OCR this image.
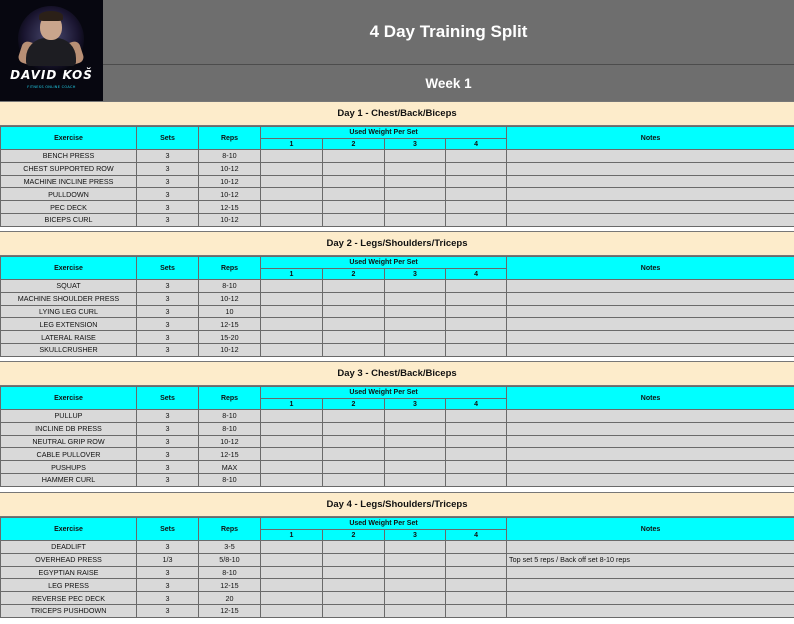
DAVID KOŠ
FITNESS ONLINE COACH
4 Day Training Split
Week 1
Day 1 - Chest/Back/Biceps
Exercise	Sets	Reps	Used Weight Per Set				Notes
			1	2	3	4	
BENCH PRESS	3	8-10					
CHEST SUPPORTED ROW	3	10-12					
MACHINE INCLINE PRESS	3	10-12					
PULLDOWN	3	10-12					
PEC DECK	3	12-15					
BICEPS CURL	3	10-12					
Day 2 - Legs/Shoulders/Triceps
Exercise	Sets	Reps	Used Weight Per Set				Notes
			1	2	3	4	
SQUAT	3	8-10					
MACHINE SHOULDER PRESS	3	10-12					
LYING LEG CURL	3	10					
LEG EXTENSION	3	12-15					
LATERAL RAISE	3	15-20					
SKULLCRUSHER	3	10-12					
Day 3 - Chest/Back/Biceps
Exercise	Sets	Reps	Used Weight Per Set				Notes
			1	2	3	4	
PULLUP	3	8-10					
INCLINE DB PRESS	3	8-10					
NEUTRAL GRIP ROW	3	10-12					
CABLE PULLOVER	3	12-15					
PUSHUPS	3	MAX					
HAMMER CURL	3	8-10					
Day 4 - Legs/Shoulders/Triceps
Exercise	Sets	Reps	Used Weight Per Set				Notes
			1	2	3	4	
DEADLIFT	3	3-5					
OVERHEAD PRESS	1/3	5/8-10					Top set 5 reps / Back off set 8-10 reps
EGYPTIAN RAISE	3	8-10					
LEG PRESS	3	12-15					
REVERSE PEC DECK	3	20					
TRICEPS PUSHDOWN	3	12-15					
